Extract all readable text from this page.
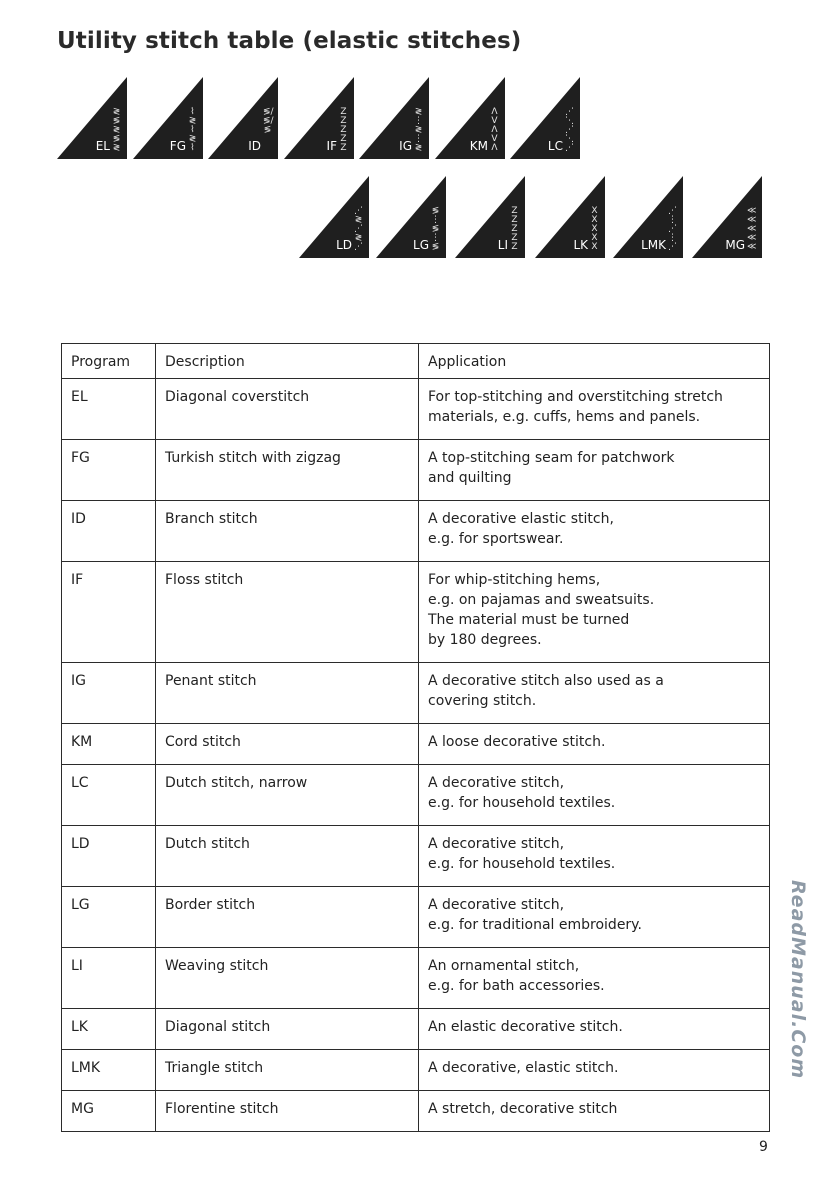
Utility stitch table (elastic stitches)
≷≶≷≶≷
EL
⌇≷⌇≷⌇
FG
≶/≶/≶
ID
ZZZZZ
IF
≷⋮≷⋮≷
IG
ΛVΛVΛ
KM
⋰⋱⋰⋱⋰
LC
⋰≷⋰≷⋰
LD
≶⋮≶⋮≶
LG
ZZZZZ
LI
XXXXX
LK
⋰⋮⋰⋮⋰
LMK
≪≪≪≪≪
MG
Program	Description	Application
EL	Diagonal coverstitch	For top-stitching and overstitching stretch
materials, e.g. cuffs, hems and panels.
FG	Turkish stitch with zigzag	A top-stitching seam for patchwork
and quilting
ID	Branch stitch	A decorative elastic stitch,
e.g. for sportswear.
IF	Floss stitch	For whip-stitching hems,
e.g. on pajamas and sweatsuits.
The material must be turned
by 180 degrees.
IG	Penant stitch	A decorative stitch also used as a
covering stitch.
KM	Cord stitch	A loose decorative stitch.
LC	Dutch stitch, narrow	A decorative stitch,
e.g. for household textiles.
LD	Dutch stitch	A decorative stitch,
e.g. for household textiles.
LG	Border stitch	A decorative stitch,
e.g. for traditional embroidery.
LI	Weaving stitch	An ornamental stitch,
e.g. for bath accessories.
LK	Diagonal stitch	An elastic decorative stitch.
LMK	Triangle stitch	A decorative, elastic stitch.
MG	Florentine stitch	A stretch, decorative stitch
ReadManual.Com
9
